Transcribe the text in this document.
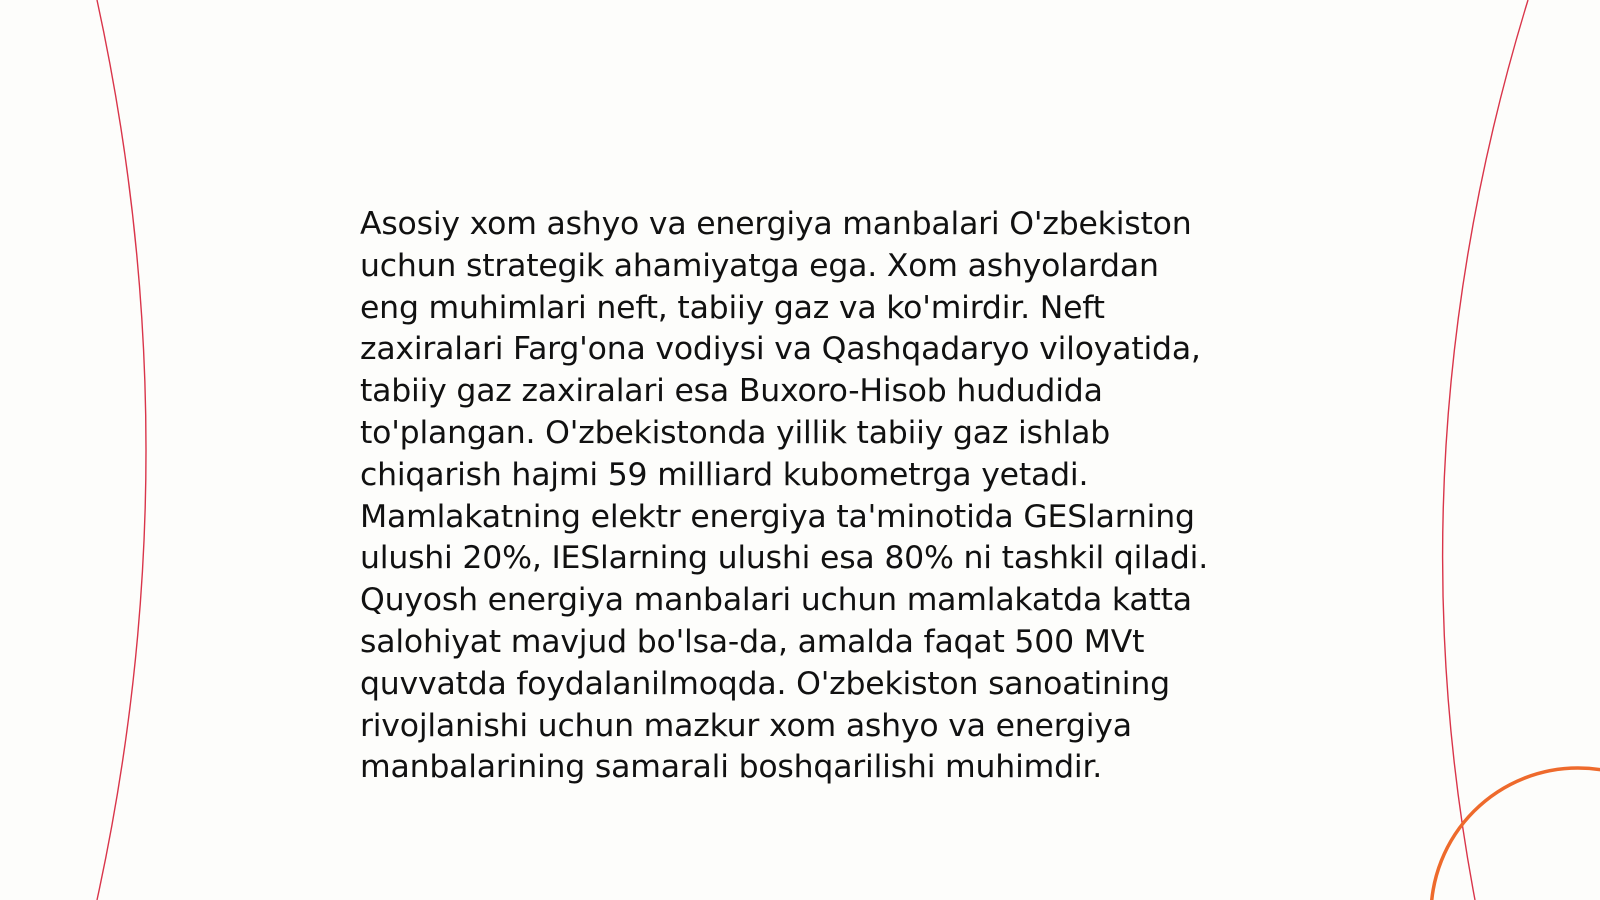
Asosiy xom ashyo va energiya manbalari O'zbekiston
uchun strategik ahamiyatga ega. Xom ashyolardan
eng muhimlari neft, tabiiy gaz va ko'mirdir. Neft
zaxiralari Farg'ona vodiysi va Qashqadaryo viloyatida,
tabiiy gaz zaxiralari esa Buxoro-Hisob hududida
to'plangan. O'zbekistonda yillik tabiiy gaz ishlab
chiqarish hajmi 59 milliard kubometrga yetadi.
Mamlakatning elektr energiya ta'minotida GESlarning
ulushi 20%, IESlarning ulushi esa 80% ni tashkil qiladi.
Quyosh energiya manbalari uchun mamlakatda katta
salohiyat mavjud bo'lsa-da, amalda faqat 500 MVt
quvvatda foydalanilmoqda. O'zbekiston sanoatining
rivojlanishi uchun mazkur xom ashyo va energiya
manbalarining samarali boshqarilishi muhimdir.
